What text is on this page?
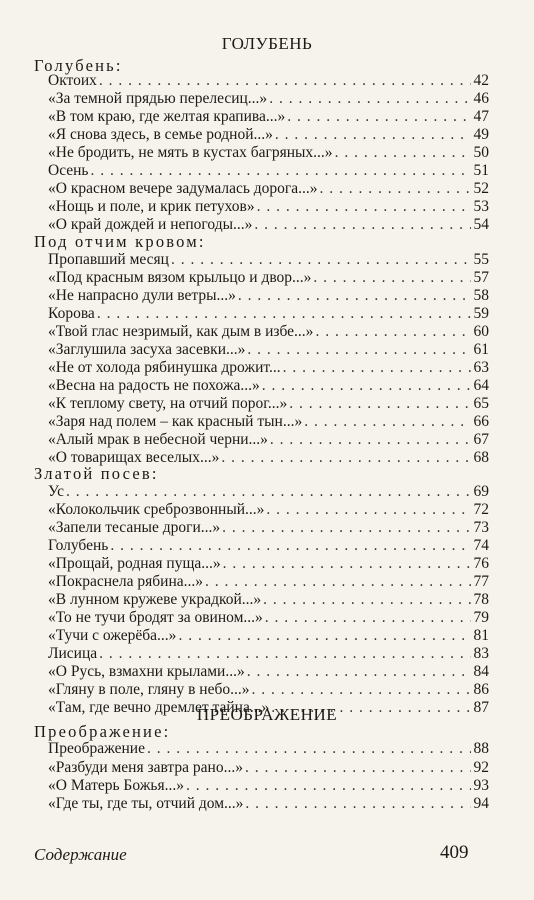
ГОЛУБЕНЬ
Голубень:
Октоих . . .	42
«За темной прядью перелесиц...» . . .	46
«В том краю, где желтая крапива...» . . .	47
«Я снова здесь, в семье родной...» . . .	49
«Не бродить, не мять в кустах багряных...» . . .	50
Осень . . .	51
«О красном вечере задумалась дорога...» . . .	52
«Нощь и поле, и крик петухов» . . .	53
«О край дождей и непогоды...» . . .	54
Под отчим кровом:
Пропавший месяц . . .	55
«Под красным вязом крыльцо и двор...» . . .	57
«Не напрасно дули ветры...» . . .	58
Корова . . .	59
«Твой глас незримый, как дым в избе...» . . .	60
«Заглушила засуха засевки...» . . .	61
«Не от холода рябинушка дрожит... . . .	63
«Весна на радость не похожа...» . . .	64
«К теплому свету, на отчий порог...» . . .	65
«Заря над полем – как красный тын...» . . .	66
«Алый мрак в небесной черни...» . . .	67
«О товарищах веселых...» . . .	68
Златой посев:
Ус . . .	69
«Колокольчик среброзвонный...» . . .	72
«Запели тесаные дроги...» . . .	73
Голубень . . .	74
«Прощай, родная пуща...» . . .	76
«Покраснела рябина...» . . .	77
«В лунном кружеве украдкой...» . . .	78
«То не тучи бродят за овином...» . . .	79
«Тучи с ожерёба...» . . .	81
Лисица . . .	83
«О Русь, взмахни крылами...» . . .	84
«Гляну в поле, гляну в небо...» . . .	86
«Там, где вечно дремлет тайна...» . . .	87
ПРЕОБРАЖЕНИЕ
Преображение:
Преображение . . .	88
«Разбуди меня завтра рано...» . . .	92
«О Матерь Божья...» . . .	93
«Где ты, где ты, отчий дом...» . . .	94
Содержание	409
